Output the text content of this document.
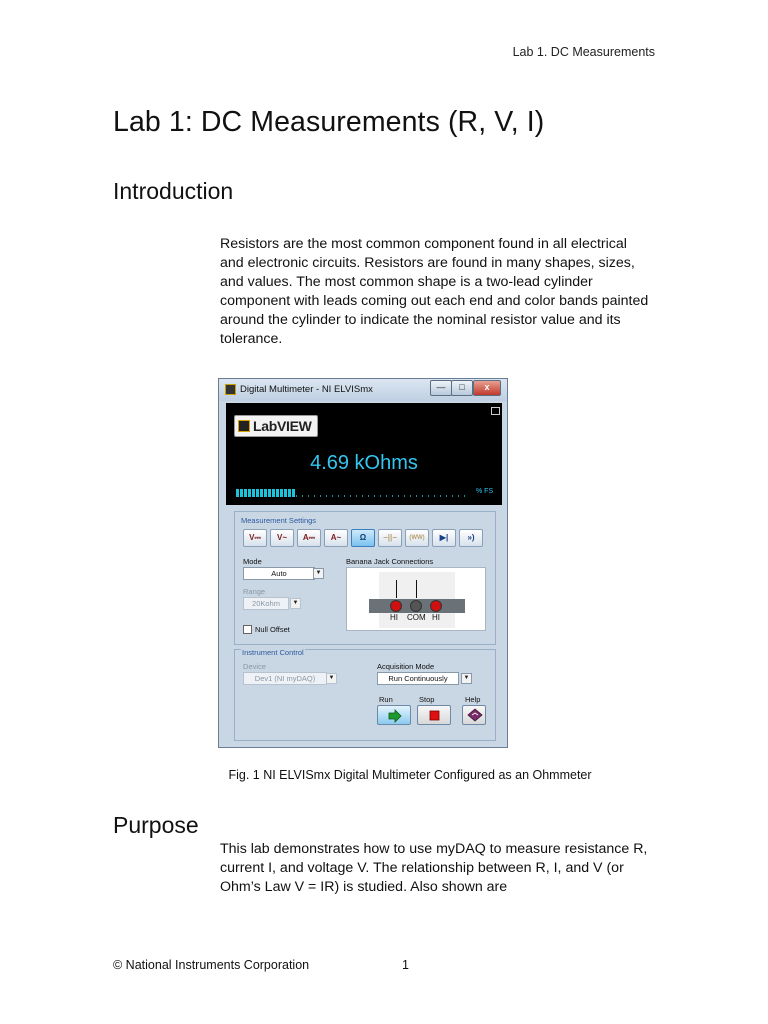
Lab 1. DC Measurements
Lab 1: DC Measurements (R, V, I)
Introduction

Resistors are the most common component found in all electrical and electronic circuits. Resistors are found in many shapes, sizes, and values. The most common shape is a two-lead cylinder component with leads coming out each end and color bands painted around the cylinder to indicate the nominal resistor value and its tolerance.

Digital Multimeter - NI ELVISmx	—	□	x
LabVIEW
4.69 kOhms
% FS
Measurement Settings
V⎓	V~	A⎓	A~	Ω	−||−	(WW)	▶|	»)
Mode
Auto	▼
Range
20Kohm	▼
Null Offset
Banana Jack Connections
HI COM HI
Instrument Control
Device
Dev1 (NI myDAQ)	▼
Acquisition Mode
Run Continuously	▼
Run	Stop	Help
Fig. 1 NI ELVISmx Digital Multimeter Configured as an Ohmmeter
Purpose

This lab demonstrates how to use myDAQ to measure resistance R, current I, and voltage V. The relationship between R, I, and V (or Ohm’s Law V = IR) is studied. Also shown are

© National Instruments Corporation	1
